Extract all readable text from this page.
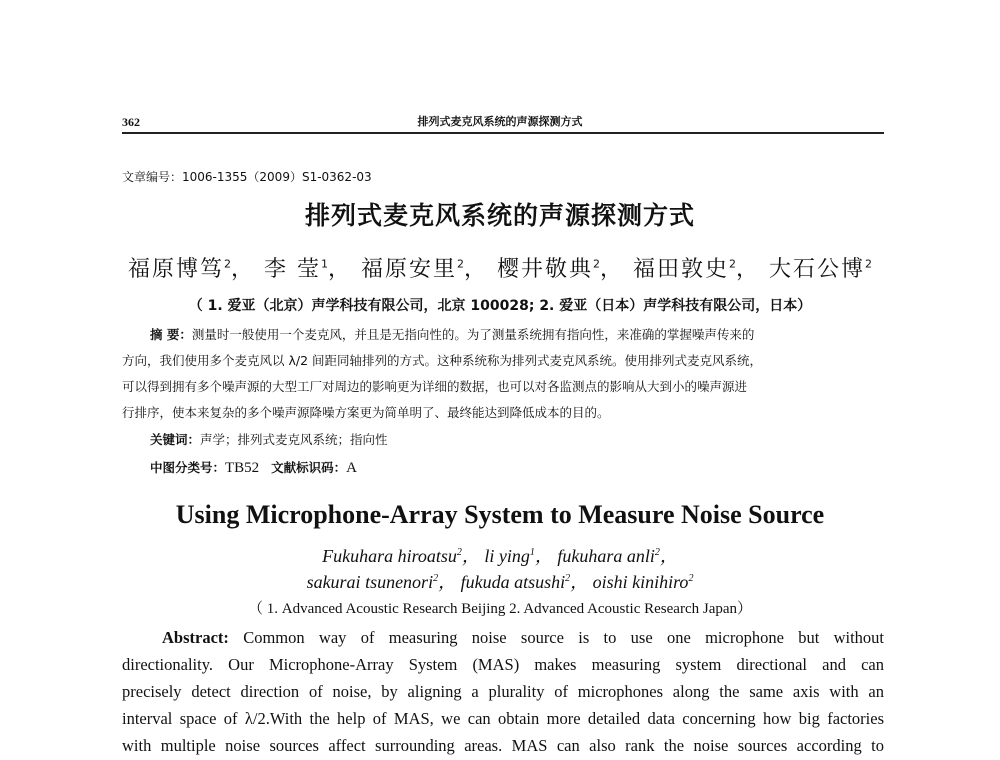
362	排列式麦克风系统的声源探测方式
文章编号：1006-1355（2009）S1-0362-03
排列式麦克风系统的声源探测方式
福原博笃$^2$， 李 莹$^1$， 福原安里$^2$， 樱井敬典$^2$， 福田敦史$^2$， 大石公博$^2$
（ 1. 爱亚（北京）声学科技有限公司，北京 100028; 2. 爱亚（日本）声学科技有限公司，日本）
摘 要：测量时一般使用一个麦克风，并且是无指向性的。为了测量系统拥有指向性，来准确的掌握噪声传来的
方向，我们使用多个麦克风以 λ/2 间距同轴排列的方式。这种系统称为排列式麦克风系统。使用排列式麦克风系统，
可以得到拥有多个噪声源的大型工厂对周边的影响更为详细的数据，也可以对各监测点的影响从大到小的噪声源进
行排序，使本来复杂的多个噪声源降噪方案更为简单明了、最终能达到降低成本的目的。
关键词：声学；排列式麦克风系统；指向性
中图分类号：TB52 文献标识码：A
Using Microphone-Array System to Measure Noise Source
Fukuhara hiroatsu$^2$， li ying$^1$， fukuhara anli$^2$，
sakurai tsunenori$^2$， fukuda atsushi$^2$， oishi kinihiro$^2$
（ 1. Advanced Acoustic Research Beijing 2. Advanced Acoustic Research Japan）
Abstract: Common way of measuring noise source is to use one microphone but without
directionality. Our Microphone-Array System (MAS) makes measuring system directional and can
precisely detect direction of noise, by aligning a plurality of microphones along the same axis with an
interval space of λ/2.With the help of MAS, we can obtain more detailed data concerning how big factories
with multiple noise sources affect surrounding areas. MAS can also rank the noise sources according to
